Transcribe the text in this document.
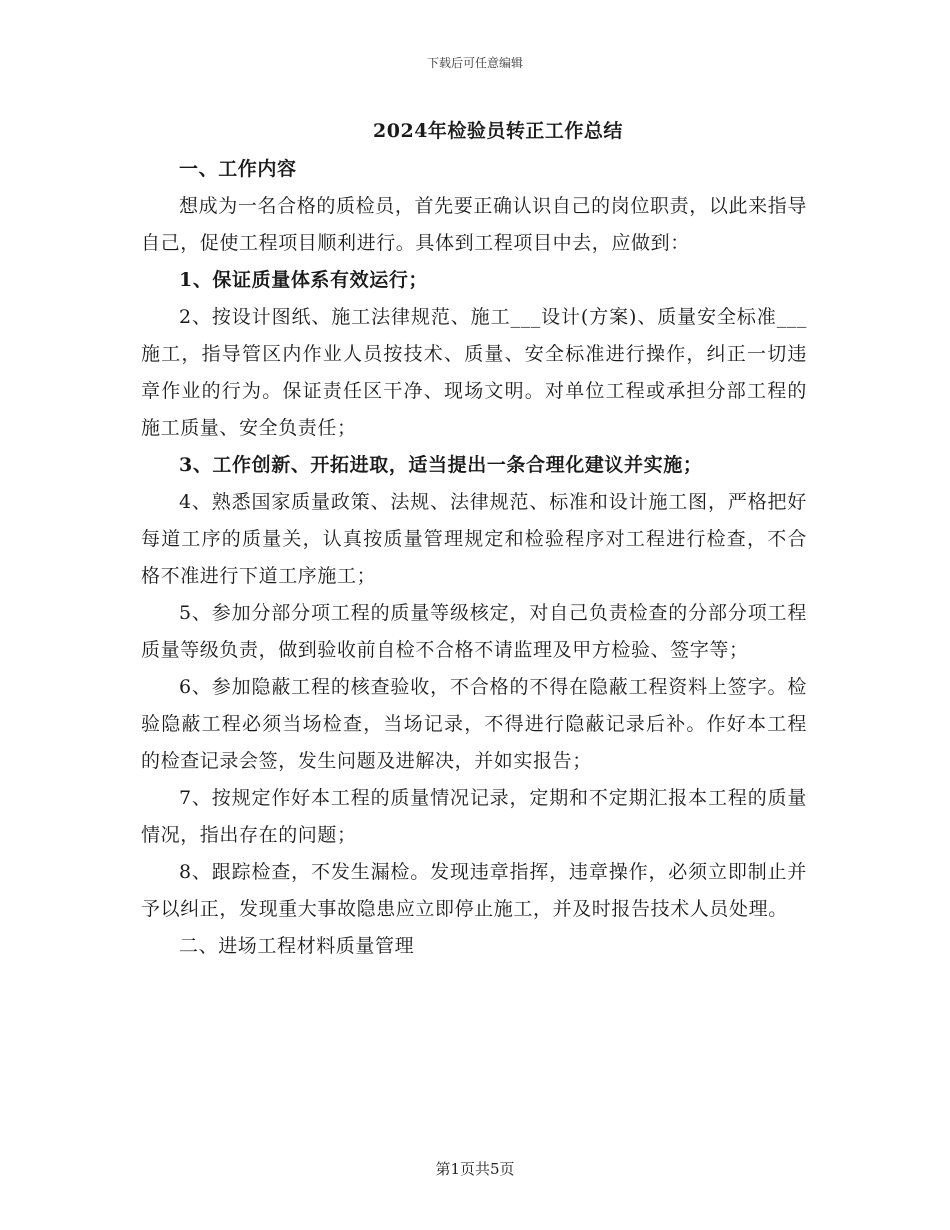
下载后可任意编辑
2024年检验员转正工作总结

一、工作内容

想成为一名合格的质检员，首先要正确认识自己的岗位职责，以此来指导自己，促使工程项目顺利进行。具体到工程项目中去，应做到：

1、保证质量体系有效运行；

2、按设计图纸、施工法律规范、施工___设计(方案)、质量安全标准___施工，指导管区内作业人员按技术、质量、安全标准进行操作，纠正一切违章作业的行为。保证责任区干净、现场文明。对单位工程或承担分部工程的施工质量、安全负责任；

3、工作创新、开拓进取，适当提出一条合理化建议并实施；

4、熟悉国家质量政策、法规、法律规范、标准和设计施工图，严格把好每道工序的质量关，认真按质量管理规定和检验程序对工程进行检查，不合格不准进行下道工序施工；

5、参加分部分项工程的质量等级核定，对自己负责检查的分部分项工程质量等级负责，做到验收前自检不合格不请监理及甲方检验、签字等；

6、参加隐蔽工程的核查验收，不合格的不得在隐蔽工程资料上签字。检验隐蔽工程必须当场检查，当场记录，不得进行隐蔽记录后补。作好本工程的检查记录会签，发生问题及进解决，并如实报告；

7、按规定作好本工程的质量情况记录，定期和不定期汇报本工程的质量情况，指出存在的问题；

8、跟踪检查，不发生漏检。发现违章指挥，违章操作，必须立即制止并予以纠正，发现重大事故隐患应立即停止施工，并及时报告技术人员处理。

二、进场工程材料质量管理

第1页共5页
